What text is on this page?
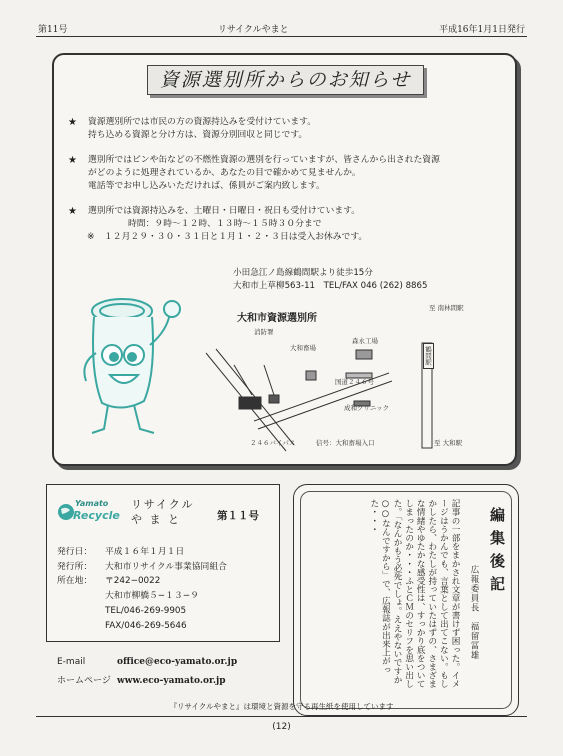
第11号	リサイクルやまと	平成16年1月1日発行
資源選別所からのお知らせ
★ 資源選別所では市民の方の資源持込みを受付けています。
持ち込める資源と分け方は、資源分別回収と同じです。
★ 選別所ではビンや缶などの不燃性資源の選別を行っていますが、皆さんから出された資源
がどのように処理されているか、あなたの目で確かめて見ませんか。
電話等でお申し込みいただければ、係員がご案内致します。
★ 選別所では資源持込みを、土曜日・日曜日・祝日も受付けています。
時間：９時～１２時、１３時～１５時３０分まで
※ １２月２９・３０・３１日と１月１・２・３日は受入お休みです。
小田急江ノ島線鶴間駅より徒歩15分
大和市上草柳563-11　TEL/FAX 046 (262) 8865
大和市資源選別所
至 南林間駅
鶴間駅
消防署
大和畜場
森永工場
国道２４６号
成和クリニック
２４６バイパス	信号：大和畜場入口	至 大和駅
Yamato
Recycle
リサイクル
や ま と	第１１号
発行日： 平成１６年１月１日
発行所： 大和市リサイクル事業協同組合
所在地： 〒242−0022
大和市柳橋５−１３−９
TEL/046-269-9905
FAX/046-269-5646
編集後記
広報委員長　福留冨雄
記事の一部をまかされ文章が書けず困った。イメージはうかんでも、言葉として出てこない。もしかしたら、わたしが持っていたはずの、さまざまな情緒やゆたかな感受性は、すっかり底をついてしまったのか・・・ふとＣＭのセリフを思い出した。「なんかもう必死でしょ。ええやないですか○○なんですから」で、広報誌が出来上がった・・・
E-mail	office@eco-yamato.or.jp
ホームページ www.eco-yamato.or.jp
『リサイクルやまと』は環境と資源を守る再生紙を使用しています
(12)
